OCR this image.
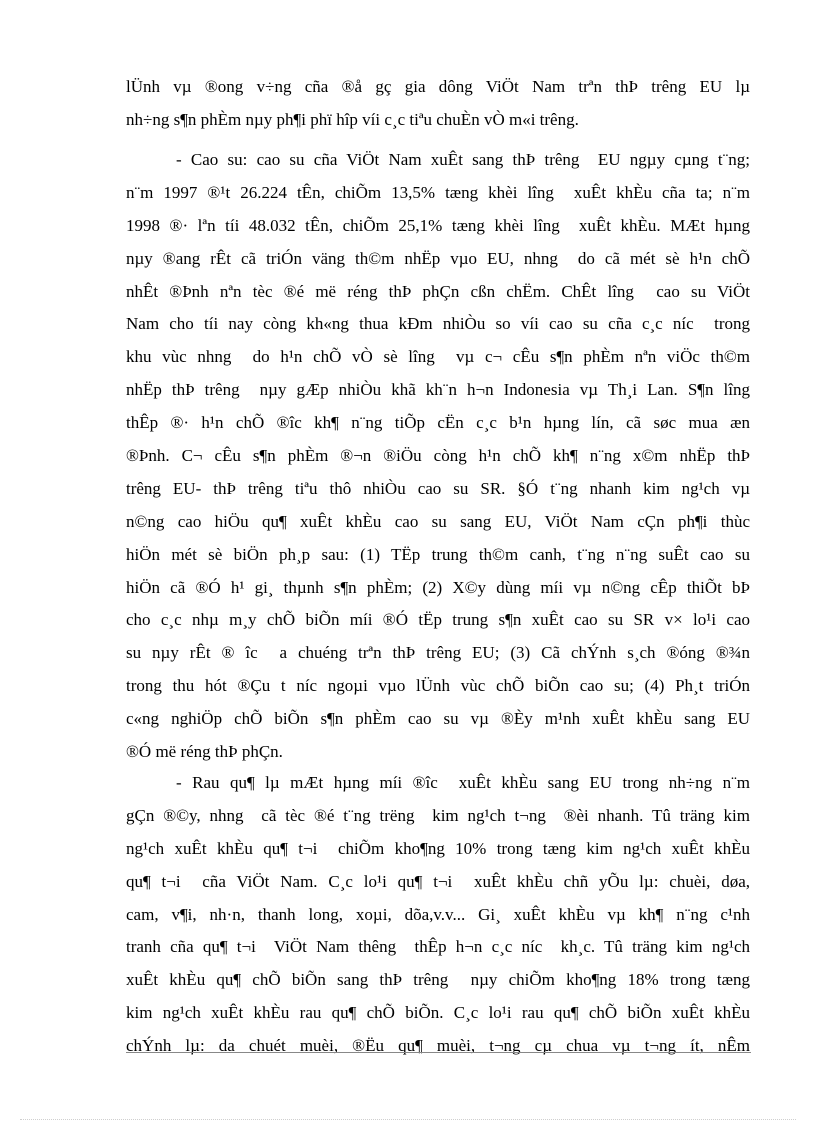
lÜnh vµ ®ong v÷ng cña ®å gç gia dông ViÖt Nam trªn thÞ trêng EU lµ
nh÷ng s¶n phÈm nµy ph¶i phï hîp víi c¸c tiªu chuÈn vÒ m«i trêng.
- Cao su: cao su cña ViÖt Nam xuÊt sang thÞ trêng  EU ngµy cµng t¨ng;
n¨m 1997 ®¹t 26.224 tÊn, chiÕm 13,5% tæng khèi lîng  xuÊt khÈu cña ta; n¨m
1998 ®· lªn tíi 48.032 tÊn, chiÕm 25,1% tæng khèi lîng  xuÊt khÈu. MÆt hµng
nµy ®ang rÊt cã triÓn väng th©m nhËp vµo EU, nhng  do cã mét sè h¹n chÕ
nhÊt ®Þnh nªn tèc ®é më réng thÞ phÇn cßn chËm. ChÊt lîng  cao su ViÖt
Nam cho tíi nay còng kh«ng thua kÐm nhiÒu so víi cao su cña c¸c níc  trong
khu vùc nhng  do h¹n chÕ vÒ sè lîng  vµ c¬ cÊu s¶n phÈm nªn viÖc th©m
nhËp thÞ trêng  nµy gÆp nhiÒu khã kh¨n h¬n Indonesia vµ Th¸i Lan. S¶n lîng
thÊp ®· h¹n chÕ ®îc kh¶ n¨ng tiÕp cËn c¸c b¹n hµng lín, cã søc mua æn
®Þnh. C¬ cÊu s¶n phÈm ®¬n ®iÖu còng h¹n chÕ kh¶ n¨ng x©m nhËp thÞ
trêng EU- thÞ trêng tiªu thô nhiÒu cao su SR. §Ó t¨ng nhanh kim ng¹ch vµ
n©ng cao hiÖu qu¶ xuÊt khÈu cao su sang EU, ViÖt Nam cÇn ph¶i thùc
hiÖn mét sè biÖn ph¸p sau: (1) TËp trung th©m canh, t¨ng n¨ng suÊt cao su
hiÖn cã ®Ó h¹ gi¸ thµnh s¶n phÈm; (2) X©y dùng míi vµ n©ng cÊp thiÕt bÞ
cho c¸c nhµ m¸y chÕ biÕn míi ®Ó tËp trung s¶n xuÊt cao su SR v× lo¹i cao
su nµy rÊt ® îc  a chuéng trªn thÞ trêng EU; (3) Cã chÝnh s¸ch ®óng ®¾n
trong thu hót ®Çu t níc ngoµi vµo lÜnh vùc chÕ biÕn cao su; (4) Ph¸t triÓn
c«ng nghiÖp chÕ biÕn s¶n phÈm cao su vµ ®Èy m¹nh xuÊt khÈu sang EU
®Ó më réng thÞ phÇn.
- Rau qu¶ lµ mÆt hµng míi ®îc  xuÊt khÈu sang EU trong nh÷ng n¨m
gÇn ®©y, nhng  cã tèc ®é t¨ng trëng  kim ng¹ch t¬ng  ®èi nhanh. Tû träng kim
ng¹ch xuÊt khÈu qu¶ t¬i  chiÕm kho¶ng 10% trong tæng kim ng¹ch xuÊt khÈu
qu¶ t¬i  cña ViÖt Nam. C¸c lo¹i qu¶ t¬i  xuÊt khÈu chñ yÕu lµ: chuèi, døa,
cam, v¶i, nh·n, thanh long, xoµi, dõa,v.v... Gi¸ xuÊt khÈu vµ kh¶ n¨ng c¹nh
tranh cña qu¶ t¬i  ViÖt Nam thêng  thÊp h¬n c¸c níc  kh¸c. Tû träng kim ng¹ch
xuÊt khÈu qu¶ chÕ biÕn sang thÞ trêng  nµy chiÕm kho¶ng 18% trong tæng
kim ng¹ch xuÊt khÈu rau qu¶ chÕ biÕn. C¸c lo¹i rau qu¶ chÕ biÕn xuÊt khÈu
chÝnh lµ: da chuét muèi, ®Ëu qu¶ muèi, t¬ng cµ chua vµ t¬ng ít, nÊm
